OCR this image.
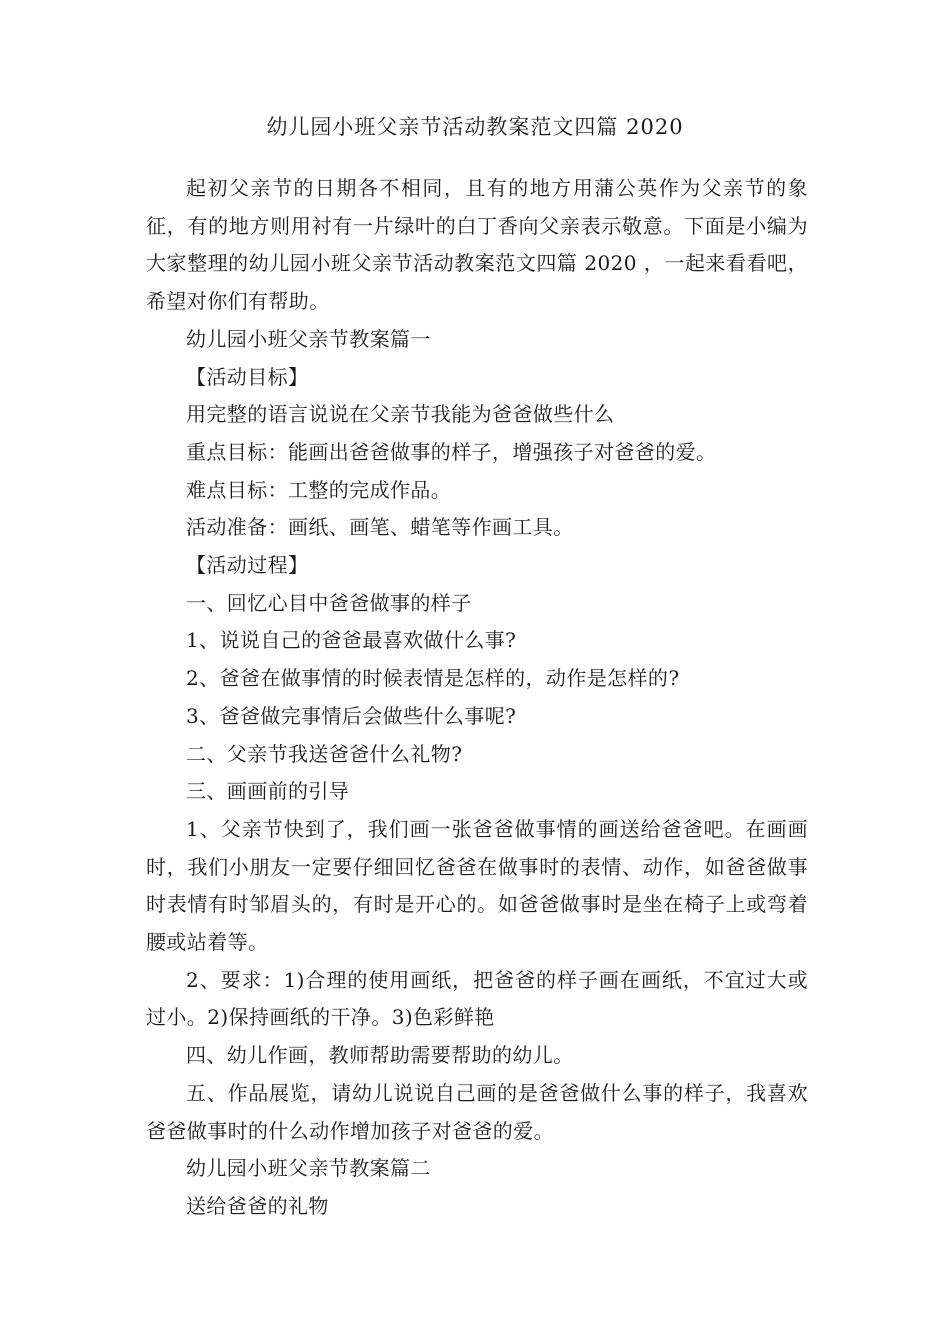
幼儿园小班父亲节活动教案范文四篇 2020

起初父亲节的日期各不相同，且有的地方用蒲公英作为父亲节的象征，有的地方则用衬有一片绿叶的白丁香向父亲表示敬意。下面是小编为大家整理的幼儿园小班父亲节活动教案范文四篇 2020 ，一起来看看吧，希望对你们有帮助。

幼儿园小班父亲节教案篇一

【活动目标】

用完整的语言说说在父亲节我能为爸爸做些什么

重点目标：能画出爸爸做事的样子，增强孩子对爸爸的爱。

难点目标：工整的完成作品。

活动准备：画纸、画笔、蜡笔等作画工具。

【活动过程】

一、回忆心目中爸爸做事的样子

1、说说自己的爸爸最喜欢做什么事?

2、爸爸在做事情的时候表情是怎样的，动作是怎样的?

3、爸爸做完事情后会做些什么事呢?

二、父亲节我送爸爸什么礼物?

三、画画前的引导

1、父亲节快到了，我们画一张爸爸做事情的画送给爸爸吧。在画画时，我们小朋友一定要仔细回忆爸爸在做事时的表情、动作，如爸爸做事时表情有时邹眉头的，有时是开心的。如爸爸做事时是坐在椅子上或弯着腰或站着等。

2、要求：1)合理的使用画纸，把爸爸的样子画在画纸，不宜过大或过小。2)保持画纸的干净。3)色彩鲜艳

四、幼儿作画，教师帮助需要帮助的幼儿。

五、作品展览，请幼儿说说自己画的是爸爸做什么事的样子，我喜欢爸爸做事时的什么动作增加孩子对爸爸的爱。

幼儿园小班父亲节教案篇二

送给爸爸的礼物
